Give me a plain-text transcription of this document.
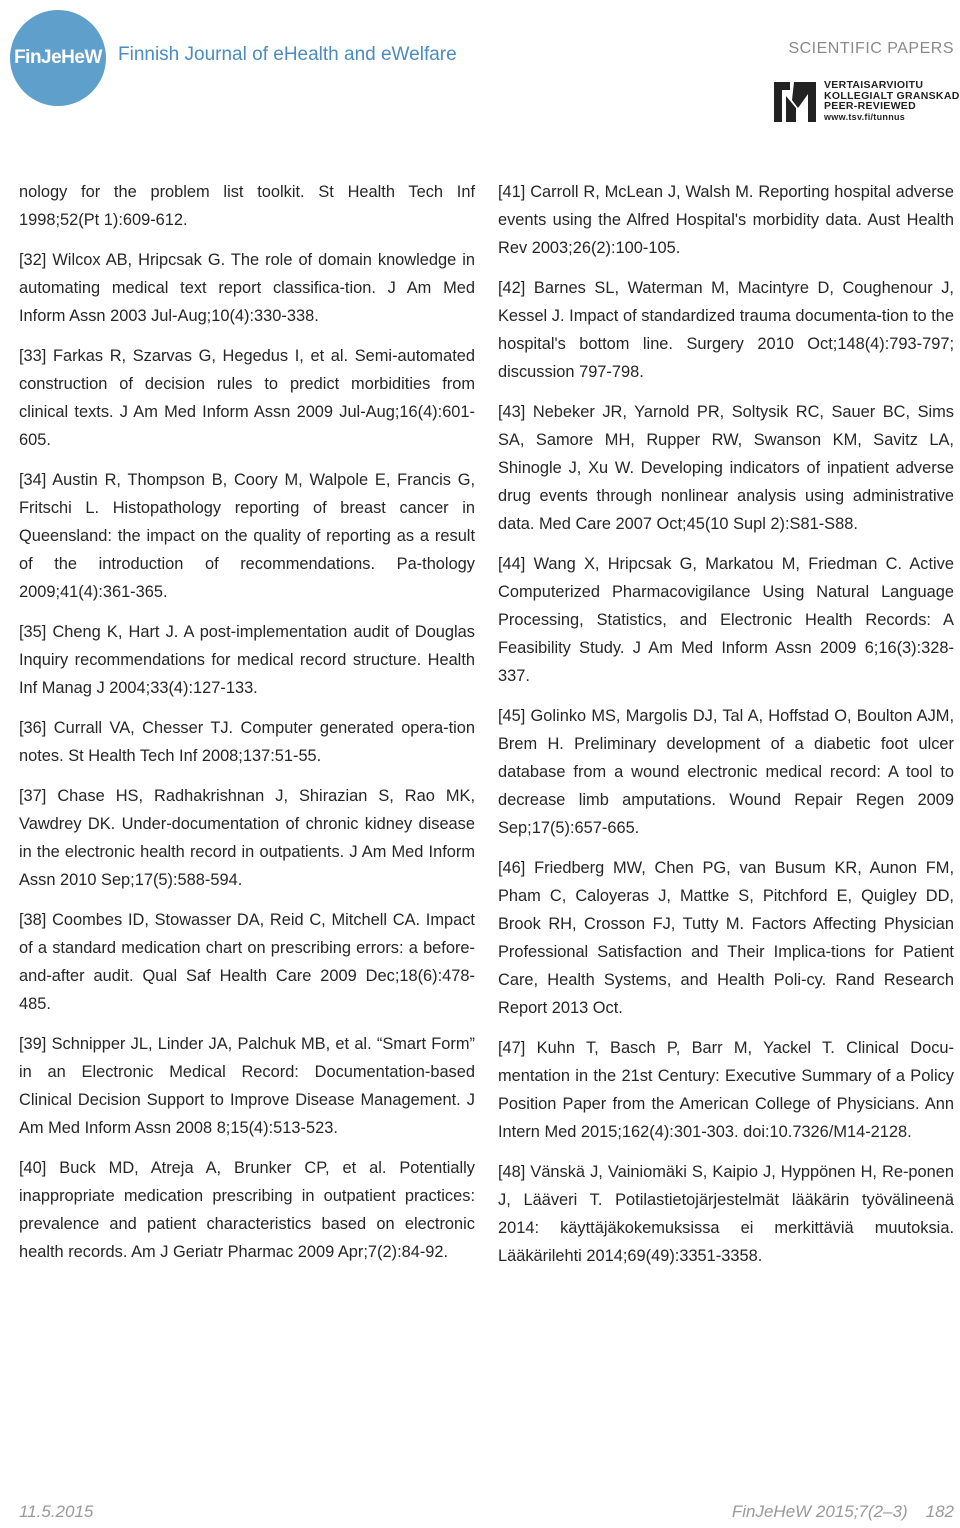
FinJeHeW Finnish Journal of eHealth and eWelfare	SCIENTIFIC PAPERS
VERTAISARVIOITU
KOLLEGIALT GRANSKAD
PEER-REVIEWED
www.tsv.fi/tunnus

nology for the problem list toolkit. St Health Tech Inf 1998;52(Pt 1):609-612.

[32] Wilcox AB, Hripcsak G. The role of domain knowledge in automating medical text report classifica-tion. J Am Med Inform Assn 2003 Jul-Aug;10(4):330-338.

[33] Farkas R, Szarvas G, Hegedus I, et al. Semi-automated construction of decision rules to predict morbidities from clinical texts. J Am Med Inform Assn 2009 Jul-Aug;16(4):601-605.

[34] Austin R, Thompson B, Coory M, Walpole E, Francis G, Fritschi L. Histopathology reporting of breast cancer in Queensland: the impact on the quality of reporting as a result of the introduction of recommendations. Pa-thology 2009;41(4):361-365.

[35] Cheng K, Hart J. A post-implementation audit of Douglas Inquiry recommendations for medical record structure. Health Inf Manag J 2004;33(4):127-133.

[36] Currall VA, Chesser TJ. Computer generated opera-tion notes. St Health Tech Inf 2008;137:51-55.

[37] Chase HS, Radhakrishnan J, Shirazian S, Rao MK, Vawdrey DK. Under-documentation of chronic kidney disease in the electronic health record in outpatients. J Am Med Inform Assn 2010 Sep;17(5):588-594.

[38] Coombes ID, Stowasser DA, Reid C, Mitchell CA. Impact of a standard medication chart on prescribing errors: a before-and-after audit. Qual Saf Health Care 2009 Dec;18(6):478-485.

[39] Schnipper JL, Linder JA, Palchuk MB, et al. “Smart Form” in an Electronic Medical Record: Documentation-based Clinical Decision Support to Improve Disease Management. J Am Med Inform Assn 2008 8;15(4):513-523.

[40] Buck MD, Atreja A, Brunker CP, et al. Potentially inappropriate medication prescribing in outpatient practices: prevalence and patient characteristics based on electronic health records. Am J Geriatr Pharmac 2009 Apr;7(2):84-92.

[41] Carroll R, McLean J, Walsh M. Reporting hospital adverse events using the Alfred Hospital's morbidity data. Aust Health Rev 2003;26(2):100-105.

[42] Barnes SL, Waterman M, Macintyre D, Coughenour J, Kessel J. Impact of standardized trauma documenta-tion to the hospital's bottom line. Surgery 2010 Oct;148(4):793-797; discussion 797-798.

[43] Nebeker JR, Yarnold PR, Soltysik RC, Sauer BC, Sims SA, Samore MH, Rupper RW, Swanson KM, Savitz LA, Shinogle J, Xu W. Developing indicators of inpatient adverse drug events through nonlinear analysis using administrative data. Med Care 2007 Oct;45(10 Supl 2):S81-S88.

[44] Wang X, Hripcsak G, Markatou M, Friedman C. Active Computerized Pharmacovigilance Using Natural Language Processing, Statistics, and Electronic Health Records: A Feasibility Study. J Am Med Inform Assn 2009 6;16(3):328-337.

[45] Golinko MS, Margolis DJ, Tal A, Hoffstad O, Boulton AJM, Brem H. Preliminary development of a diabetic foot ulcer database from a wound electronic medical record: A tool to decrease limb amputations. Wound Repair Regen 2009 Sep;17(5):657-665.

[46] Friedberg MW, Chen PG, van Busum KR, Aunon FM, Pham C, Caloyeras J, Mattke S, Pitchford E, Quigley DD, Brook RH, Crosson FJ, Tutty M. Factors Affecting Physician Professional Satisfaction and Their Implica-tions for Patient Care, Health Systems, and Health Poli-cy. Rand Research Report 2013 Oct.

[47] Kuhn T, Basch P, Barr M, Yackel T. Clinical Docu-mentation in the 21st Century: Executive Summary of a Policy Position Paper from the American College of Physicians. Ann Intern Med 2015;162(4):301-303. doi:10.7326/M14-2128.

[48] Vänskä J, Vainiomäki S, Kaipio J, Hyppönen H, Re-ponen J, Lääveri T. Potilastietojärjestelmät lääkärin työvälineenä 2014: käyttäjäkokemuksissa ei merkittäviä muutoksia. Lääkärilehti 2014;69(49):3351-3358.

11.5.2015	FinJeHeW 2015;7(2–3) 182
